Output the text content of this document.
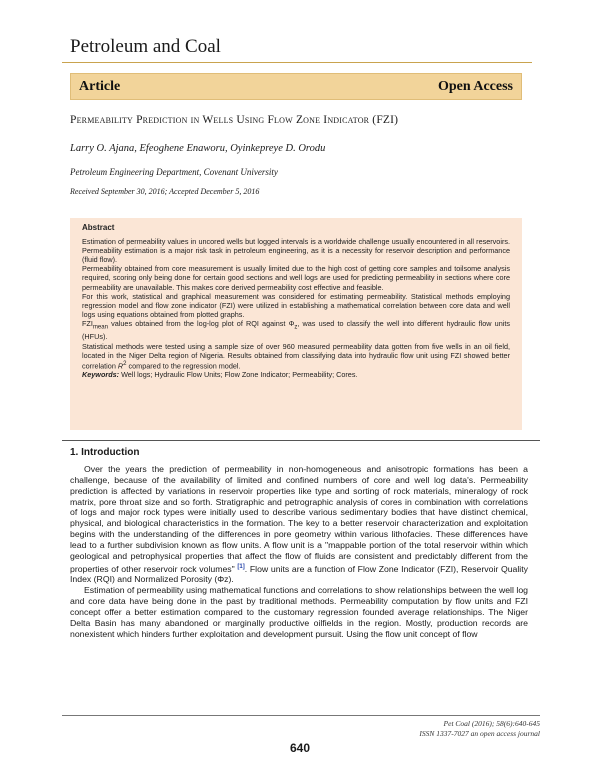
Petroleum and Coal
Article	Open Access
Permeability Prediction in Wells Using Flow Zone Indicator (FZI)
Larry O. Ajana, Efeoghene Enaworu, Oyinkepreye D. Orodu
Petroleum Engineering Department, Covenant University
Received September 30, 2016; Accepted December 5, 2016
Abstract

Estimation of permeability values in uncored wells but logged intervals is a worldwide challenge usually encountered in all reservoirs. Permeability estimation is a major risk task in petroleum engineering, as it is a necessity for reservoir description and performance (fluid flow).

Permeability obtained from core measurement is usually limited due to the high cost of getting core samples and toilsome analysis required, scoring only being done for certain good sections and well logs are used for predicting permeability in sections where core permeability are unavailable. This makes core derived permeability cost effective and feasible.

For this work, statistical and graphical measurement was considered for estimating permeability. Statistical methods employing regression model and flow zone indicator (FZI) were utilized in establishing a mathematical correlation between core data and well logs using equations obtained from plotted graphs.

$FZI_{mean}$ values obtained from the log-log plot of RQI against $\Phi_z$, was used to classify the well into different hydraulic flow units (HFUs).

Statistical methods were tested using a sample size of over 960 measured permeability data gotten from five wells in an oil field, located in the Niger Delta region of Nigeria. Results obtained from classifying data into hydraulic flow unit using FZI showed better correlation $R^2$ compared to the regression model.

Keywords: Well logs; Hydraulic Flow Units; Flow Zone Indicator; Permeability; Cores.

1. Introduction

Over the years the prediction of permeability in non-homogeneous and anisotropic formations has been a challenge, because of the availability of limited and confined numbers of core and well log data's. Permeability prediction is affected by variations in reservoir properties like type and sorting of rock materials, mineralogy of rock matrix, pore throat size and so forth. Stratigraphic and petrographic analysis of cores in combination with correlations of logs and major rock types were initially used to describe various sedimentary bodies that have distinct chemical, physical, and biological characteristics in the formation. The key to a better reservoir characterization and exploitation begins with the understanding of the differences in pore geometry within various lithofacies. These differences have lead to a further subdivision known as flow units. A flow unit is a "mappable portion of the total reservoir within which geological and petrophysical properties that affect the flow of fluids are consistent and predictably different from the properties of other reservoir rock volumes" [1]. Flow units are a function of Flow Zone Indicator (FZI), Reservoir Quality Index (RQI) and Normalized Porosity (Φz).

Estimation of permeability using mathematical functions and correlations to show relationships between the well log and core data have being done in the past by traditional methods. Permeability computation by flow units and FZI concept offer a better estimation compared to the customary regression founded average relationships. The Niger Delta Basin has many abandoned or marginally productive oilfields in the region. Mostly, production records are nonexistent which hinders further exploitation and development pursuit. Using the flow unit concept of flow

Pet Coal (2016); 58(6):640-645
ISSN 1337-7027 an open access journal
640
